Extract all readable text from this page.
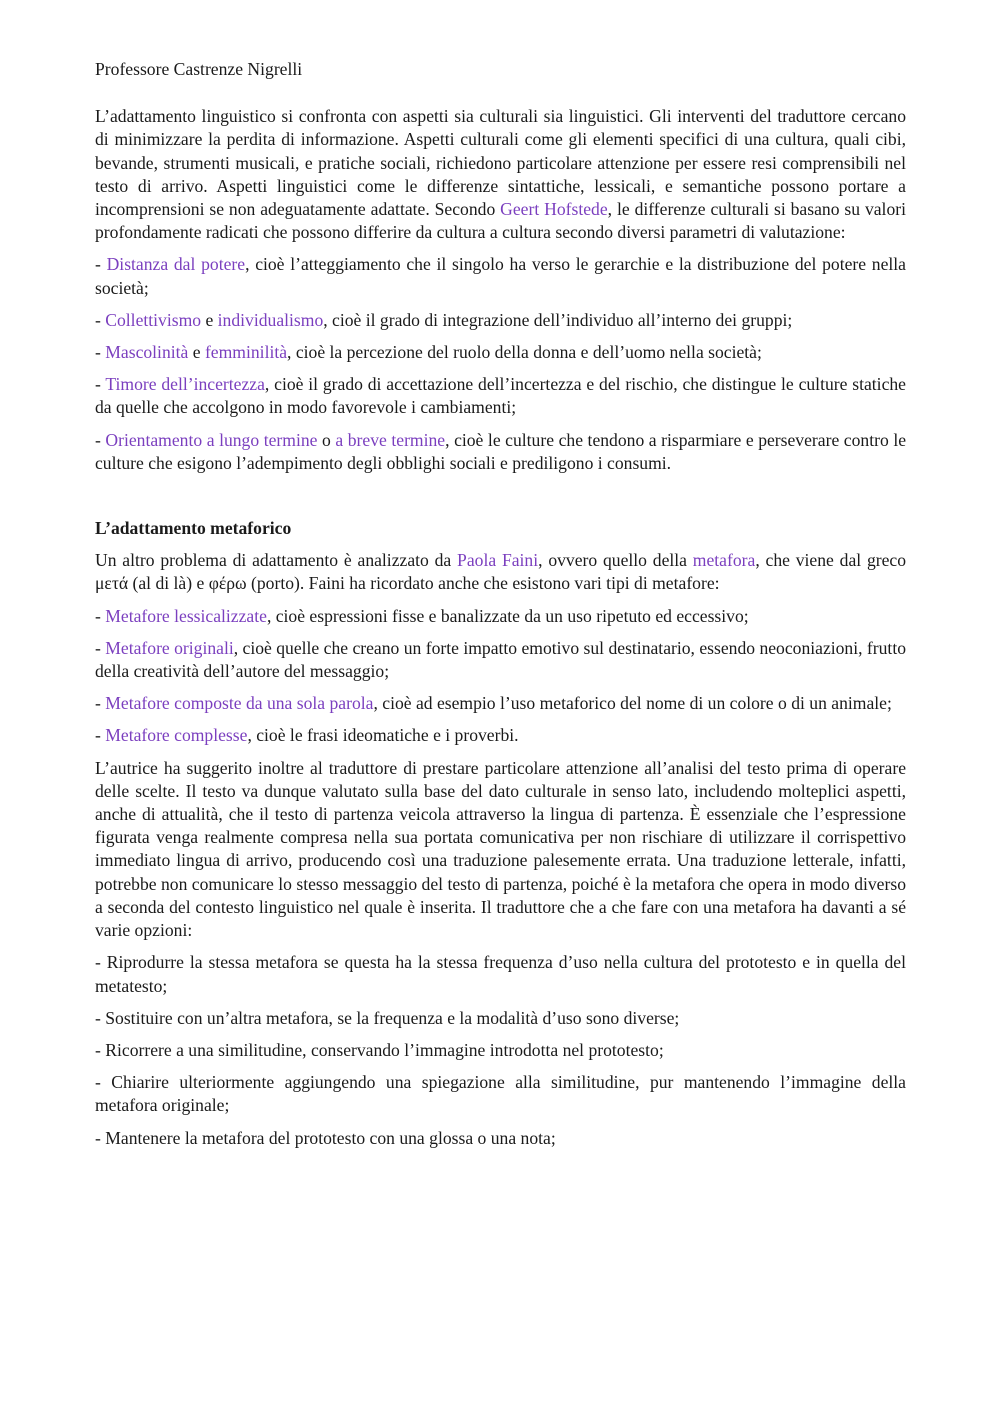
Professore Castrenze Nigrelli

L’adattamento linguistico si confronta con aspetti sia culturali sia linguistici. Gli interventi del traduttore cercano di minimizzare la perdita di informazione. Aspetti culturali come gli elementi specifici di una cultura, quali cibi, bevande, strumenti musicali, e pratiche sociali, richiedono particolare attenzione per essere resi comprensibili nel testo di arrivo. Aspetti linguistici come le differenze sintattiche, lessicali, e semantiche possono portare a incomprensioni se non adeguatamente adattate. Secondo Geert Hofstede, le differenze culturali si basano su valori profondamente radicati che possono differire da cultura a cultura secondo diversi parametri di valutazione:

- Distanza dal potere, cioè l’atteggiamento che il singolo ha verso le gerarchie e la distribuzione del potere nella società;

- Collettivismo e individualismo, cioè il grado di integrazione dell’individuo all’interno dei gruppi;

- Mascolinità e femminilità, cioè la percezione del ruolo della donna e dell’uomo nella società;

- Timore dell’incertezza, cioè il grado di accettazione dell’incertezza e del rischio, che distingue le culture statiche da quelle che accolgono in modo favorevole i cambiamenti;

- Orientamento a lungo termine o a breve termine, cioè le culture che tendono a risparmiare e perseverare contro le culture che esigono l’adempimento degli obblighi sociali e prediligono i consumi.

L’adattamento metaforico

Un altro problema di adattamento è analizzato da Paola Faini, ovvero quello della metafora, che viene dal greco μετά (al di là) e φέρω (porto). Faini ha ricordato anche che esistono vari tipi di metafore:

- Metafore lessicalizzate, cioè espressioni fisse e banalizzate da un uso ripetuto ed eccessivo;

- Metafore originali, cioè quelle che creano un forte impatto emotivo sul destinatario, essendo neoconiazioni, frutto della creatività dell’autore del messaggio;

- Metafore composte da una sola parola, cioè ad esempio l’uso metaforico del nome di un colore o di un animale;

- Metafore complesse, cioè le frasi ideomatiche e i proverbi.

L’autrice ha suggerito inoltre al traduttore di prestare particolare attenzione all’analisi del testo prima di operare delle scelte. Il testo va dunque valutato sulla base del dato culturale in senso lato, includendo molteplici aspetti, anche di attualità, che il testo di partenza veicola attraverso la lingua di partenza. È essenziale che l’espressione figurata venga realmente compresa nella sua portata comunicativa per non rischiare di utilizzare il corrispettivo immediato lingua di arrivo, producendo così una traduzione palesemente errata. Una traduzione letterale, infatti, potrebbe non comunicare lo stesso messaggio del testo di partenza, poiché è la metafora che opera in modo diverso a seconda del contesto linguistico nel quale è inserita. Il traduttore che a che fare con una metafora ha davanti a sé varie opzioni:

- Riprodurre la stessa metafora se questa ha la stessa frequenza d’uso nella cultura del prototesto e in quella del metatesto;

- Sostituire con un’altra metafora, se la frequenza e la modalità d’uso sono diverse;

- Ricorrere a una similitudine, conservando l’immagine introdotta nel prototesto;

- Chiarire ulteriormente aggiungendo una spiegazione alla similitudine, pur mantenendo l’immagine della metafora originale;

- Mantenere la metafora del prototesto con una glossa o una nota;
